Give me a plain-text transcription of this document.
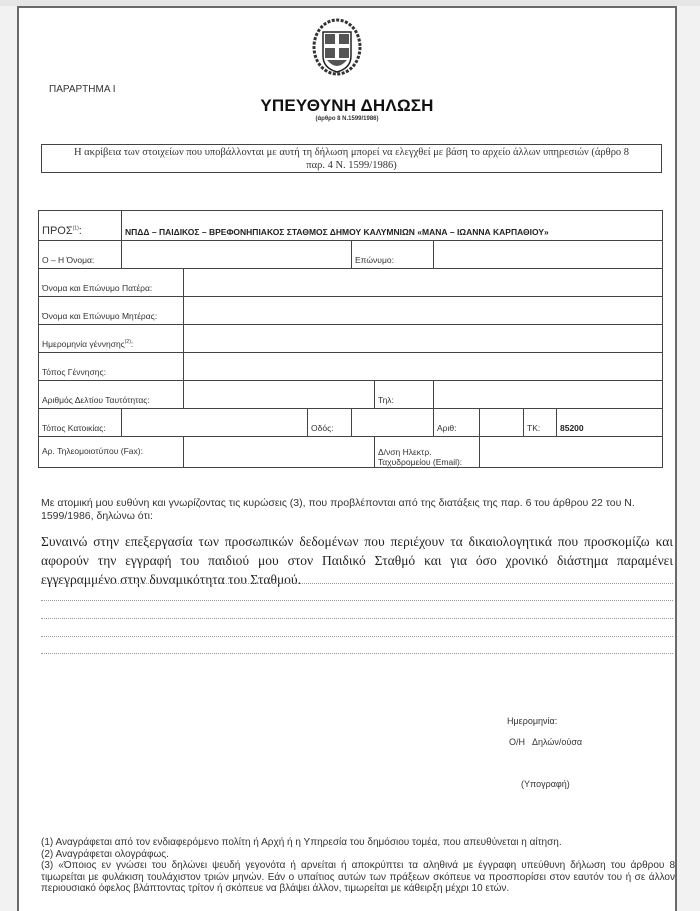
ΠΑΡΑΡΤΗΜΑ Ι
ΥΠΕΥΘΥΝΗ ΔΗΛΩΣΗ
(άρθρο 8 Ν.1599/1986)
Η ακρίβεια των στοιχείων που υποβάλλονται με αυτή τη δήλωση μπορεί να ελεγχθεί με βάση το αρχείο άλλων υπηρεσιών (άρθρο 8
παρ. 4 Ν. 1599/1986)
ΠΡΟΣ$^{(1)}$:	ΝΠΔΔ – ΠΑΙΔΙΚΟΣ – ΒΡΕΦΟΝΗΠΙΑΚΟΣ ΣΤΑΘΜΟΣ ΔΗΜΟΥ ΚΑΛΥΜΝΙΩΝ «ΜΑΝΑ – ΙΩΑΝΝΑ ΚΑΡΠΑΘΙΟΥ»								
Ο – Η Όνομα:				Επώνυμο:					
Όνομα και Επώνυμο Πατέρα:									
Όνομα και Επώνυμο Μητέρας:									
Ημερομηνία γέννησης$^{(2)}$:									
Τόπος Γέννησης:									
Αριθμός Δελτίου Ταυτότητας:					Τηλ:				
Τόπος Κατοικίας:			Οδός:			Αριθ:		ΤΚ:	85200
Αρ. Τηλεομοιοτύπου (Fax):					Δ/νση Ηλεκτρ. Ταχυδρομείου (Email):				
Με ατομική μου ευθύνη και γνωρίζοντας τις κυρώσεις (3), που προβλέπονται από της διατάξεις της παρ. 6 του άρθρου 22 του Ν. 1599/1986, δηλώνω ότι:
Συναινώ στην επεξεργασία των προσωπικών δεδομένων που περιέχουν τα δικαιολογητικά που προσκομίζω και αφορούν την εγγραφή του παιδιού μου στον Παιδικό Σταθμό και για όσο χρονικό διάστημα παραμένει εγγεγραμμένο στην δυναμικότητα του Σταθμού.
Ημερομηνία:
Ο/Η   Δηλών/ούσα
(Υπογραφή)

(1) Αναγράφεται από τον ενδιαφερόμενο πολίτη ή Αρχή ή η Υπηρεσία του δημόσιου τομέα, που απευθύνεται η αίτηση.

(2) Αναγράφεται ολογράφως.

(3) «Όποιος εν γνώσει του δηλώνει ψευδή γεγονότα ή αρνείται ή αποκρύπτει τα αληθινά με έγγραφη υπεύθυνη δήλωση του άρθρου 8 τιμωρείται με φυλάκιση τουλάχιστον τριών μηνών. Εάν ο υπαίτιος αυτών των πράξεων σκόπευε να προσπορίσει στον εαυτόν του ή σε άλλον περιουσιακό όφελος βλάπτοντας τρίτον ή σκόπευε να βλάψει άλλον, τιμωρείται με κάθειρξη μέχρι 10 ετών.
